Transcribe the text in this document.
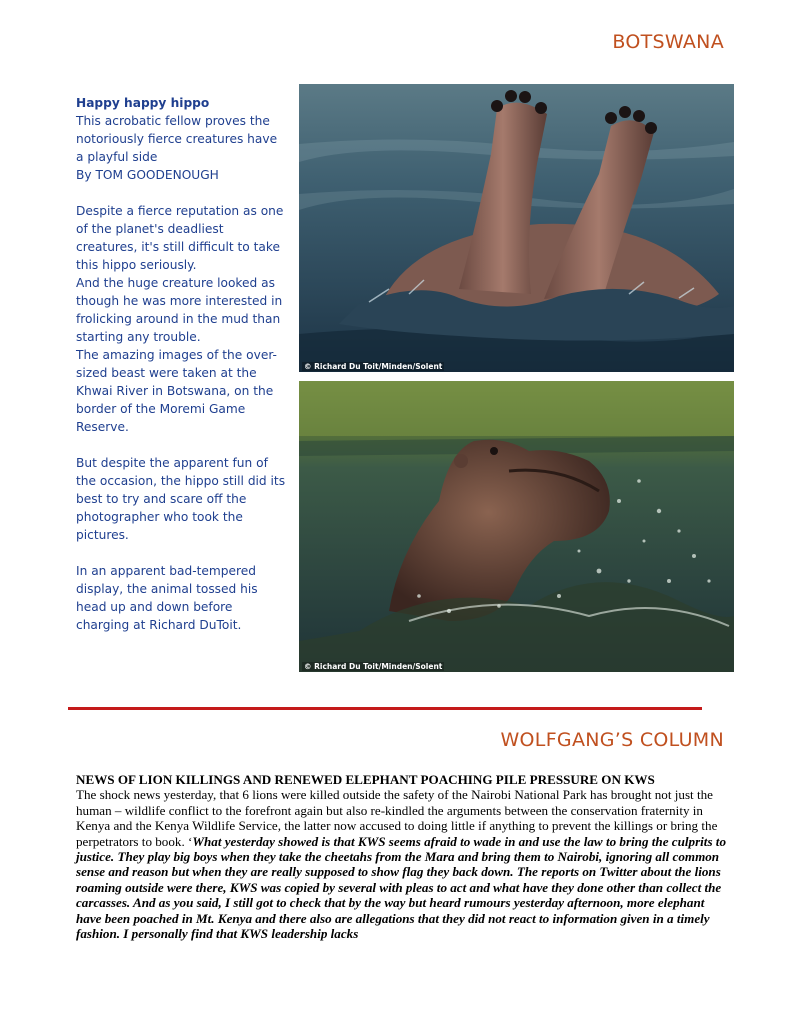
BOTSWANA

Happy happy hippo

This acrobatic fellow proves the notoriously fierce creatures have a playful side

By TOM GOODENOUGH

Despite a fierce reputation as one of the planet's deadliest creatures, it's still difficult to take this hippo seriously.

And the huge creature looked as though he was more interested in frolicking around in the mud than starting any trouble.

The amazing images of the over-sized beast were taken at the Khwai River in Botswana, on the border of the Moremi Game Reserve.

But despite the apparent fun of the occasion, the hippo still did its best to try and scare off the photographer who took the pictures.

In an apparent bad-tempered display, the animal tossed his head up and down before charging at Richard DuToit.

© Richard Du Toit/Minden/Solent
© Richard Du Toit/Minden/Solent
WOLFGANG’S COLUMN
NEWS OF LION KILLINGS AND RENEWED ELEPHANT POACHING PILE PRESSURE ON KWS

The shock news yesterday, that 6 lions were killed outside the safety of the Nairobi National Park has brought not just the human – wildlife conflict to the forefront again but also re-kindled the arguments between the conservation fraternity in Kenya and the Kenya Wildlife Service, the latter now accused to doing little if anything to prevent the killings or bring the perpetrators to book. ‘What yesterday showed is that KWS seems afraid to wade in and use the law to bring the culprits to justice. They play big boys when they take the cheetahs from the Mara and bring them to Nairobi, ignoring all common sense and reason but when they are really supposed to show flag they back down. The reports on Twitter about the lions roaming outside were there, KWS was copied by several with pleas to act and what have they done other than collect the carcasses. And as you said, I still got to check that by the way but heard rumours yesterday afternoon, more elephant have been poached in Mt. Kenya and there also are allegations that they did not react to information given in a timely fashion. I personally find that KWS leadership lacks
